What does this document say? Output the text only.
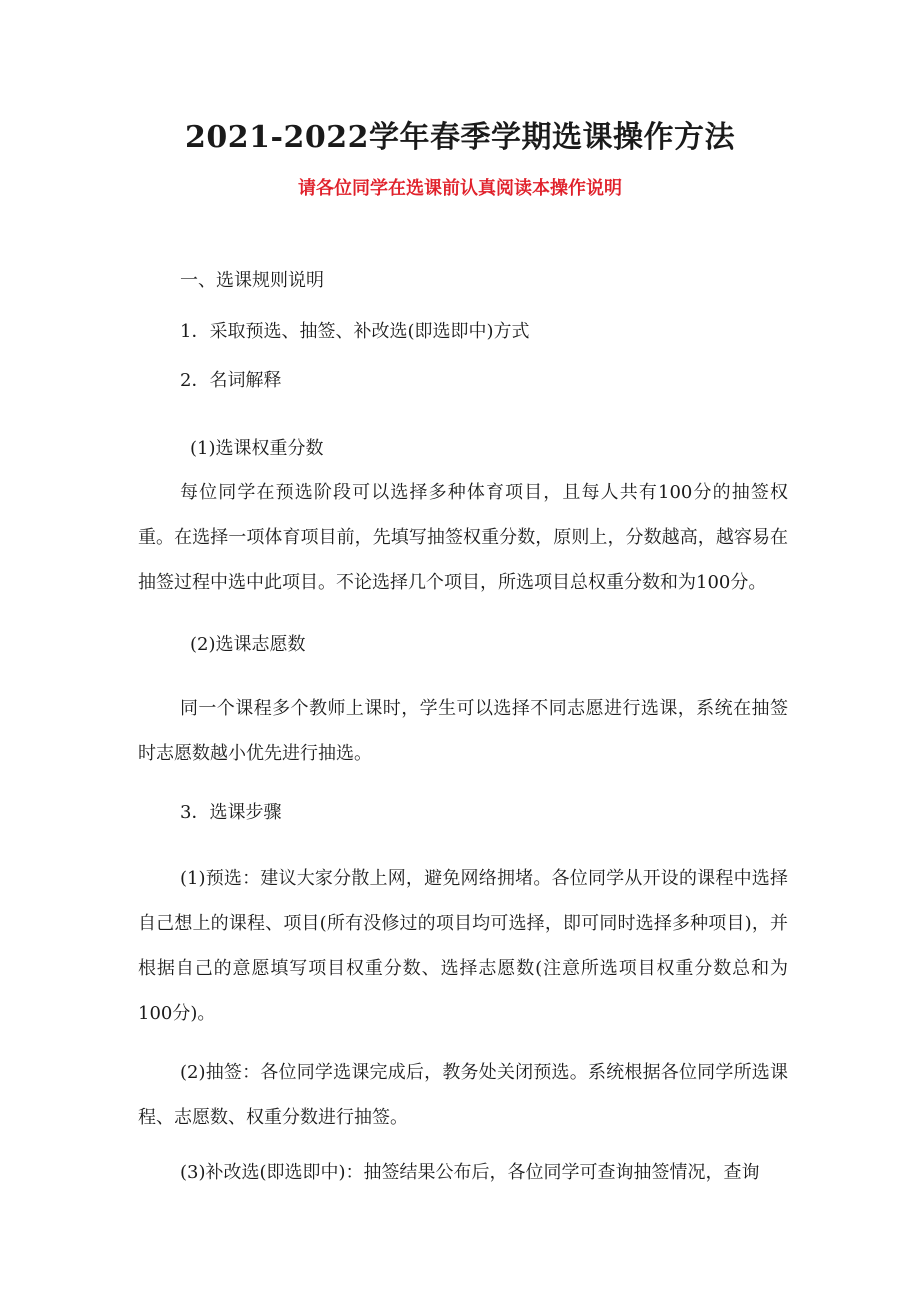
2021-2022学年春季学期选课操作方法
请各位同学在选课前认真阅读本操作说明
一、选课规则说明
1．采取预选、抽签、补改选(即选即中)方式
2．名词解释
(1)选课权重分数
每位同学在预选阶段可以选择多种体育项目，且每人共有100分的抽签权重。在选择一项体育项目前，先填写抽签权重分数，原则上，分数越高，越容易在抽签过程中选中此项目。不论选择几个项目，所选项目总权重分数和为100分。
(2)选课志愿数
同一个课程多个教师上课时，学生可以选择不同志愿进行选课，系统在抽签时志愿数越小优先进行抽选。
3．选课步骤
(1)预选：建议大家分散上网，避免网络拥堵。各位同学从开设的课程中选择自己想上的课程、项目(所有没修过的项目均可选择，即可同时选择多种项目)，并根据自己的意愿填写项目权重分数、选择志愿数(注意所选项目权重分数总和为100分)。
(2)抽签：各位同学选课完成后，教务处关闭预选。系统根据各位同学所选课程、志愿数、权重分数进行抽签。
(3)补改选(即选即中)：抽签结果公布后，各位同学可查询抽签情况，查询
